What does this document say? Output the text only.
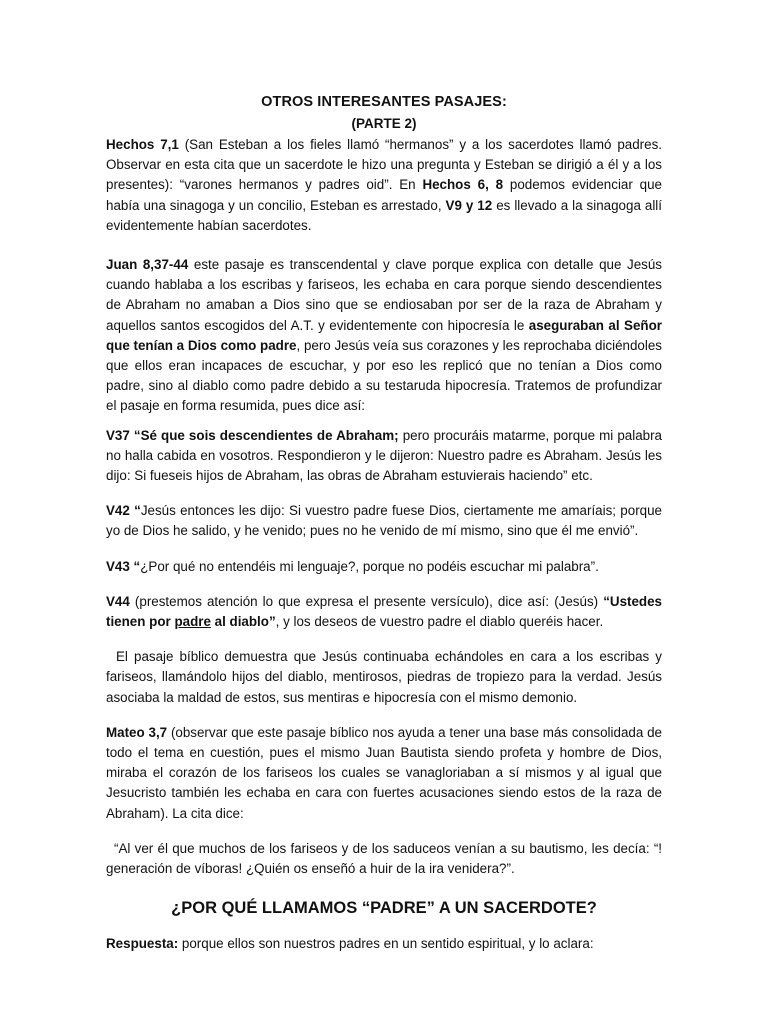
OTROS INTERESANTES PASAJES:
(PARTE 2)

Hechos 7,1 (San Esteban a los fieles llamó “hermanos” y a los sacerdotes llamó padres. Observar en esta cita que un sacerdote le hizo una pregunta y Esteban se dirigió a él y a los presentes): “varones hermanos y padres oid”. En Hechos 6, 8 podemos evidenciar que había una sinagoga y un concilio, Esteban es arrestado, V9 y 12 es llevado a la sinagoga allí evidentemente habían sacerdotes.

Juan 8,37-44 este pasaje es transcendental y clave porque explica con detalle que Jesús cuando hablaba a los escribas y fariseos, les echaba en cara porque siendo descendientes de Abraham no amaban a Dios sino que se endiosaban por ser de la raza de Abraham y aquellos santos escogidos del A.T. y evidentemente con hipocresía le aseguraban al Señor que tenían a Dios como padre, pero Jesús veía sus corazones y les reprochaba diciéndoles que ellos eran incapaces de escuchar, y por eso les replicó que no tenían a Dios como padre, sino al diablo como padre debido a su testaruda hipocresía. Tratemos de profundizar el pasaje en forma resumida, pues dice así:

V37 “Sé que sois descendientes de Abraham; pero procuráis matarme, porque mi palabra no halla cabida en vosotros. Respondieron y le dijeron: Nuestro padre es Abraham. Jesús les dijo: Si fueseis hijos de Abraham, las obras de Abraham estuvierais haciendo” etc.

V42 “Jesús entonces les dijo: Si vuestro padre fuese Dios, ciertamente me amaríais; porque yo de Dios he salido, y he venido; pues no he venido de mí mismo, sino que él me envió”.

V43 “¿Por qué no entendéis mi lenguaje?, porque no podéis escuchar mi palabra”.

V44 (prestemos atención lo que expresa el presente versículo), dice así: (Jesús) “Ustedes tienen por padre al diablo”, y los deseos de vuestro padre el diablo queréis hacer.

El pasaje bíblico demuestra que Jesús continuaba echándoles en cara a los escribas y fariseos, llamándolo hijos del diablo, mentirosos, piedras de tropiezo para la verdad. Jesús asociaba la maldad de estos, sus mentiras e hipocresía con el mismo demonio.

Mateo 3,7 (observar que este pasaje bíblico nos ayuda a tener una base más consolidada de todo el tema en cuestión, pues el mismo Juan Bautista siendo profeta y hombre de Dios, miraba el corazón de los fariseos los cuales se vanagloriaban a sí mismos y al igual que Jesucristo también les echaba en cara con fuertes acusaciones siendo estos de la raza de Abraham). La cita dice:

“Al ver él que muchos de los fariseos y de los saduceos venían a su bautismo, les decía: “! generación de víboras! ¿Quién os enseñó a huir de la ira venidera?”.

¿POR QUÉ LLAMAMOS “PADRE” A UN SACERDOTE?

Respuesta: porque ellos son nuestros padres en un sentido espiritual, y lo aclara:
